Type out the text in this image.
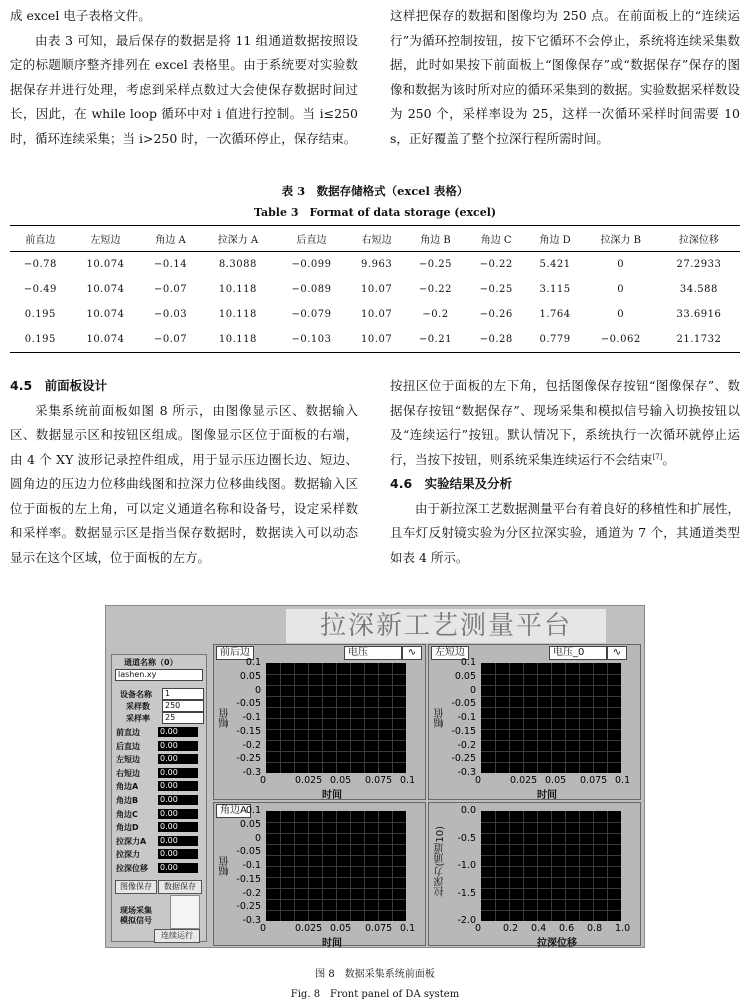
成 excel 电子表格文件。

由表 3 可知，最后保存的数据是将 11 组通道数据按照设定的标题顺序整齐排列在 excel 表格里。由于系统要对实验数据保存并进行处理，考虑到采样点数过大会使保存数据时间过长，因此，在 while loop 循环中对 i 值进行控制。当 i≤250 时，循环连续采集；当 i>250 时，一次循环停止，保存结束。

这样把保存的数据和图像均为 250 点。在前面板上的“连续运行”为循环控制按钮，按下它循环不会停止，系统将连续采集数据，此时如果按下前面板上“图像保存”或“数据保存”保存的图像和数据为该时所对应的循环采集到的数据。实验数据采样数设为 250 个，采样率设为 25，这样一次循环采样时间需要 10 s，正好覆盖了整个拉深行程所需时间。

表 3　数据存储格式（excel 表格）
Table 3　Format of data storage (excel)
前直边	左短边	角边 A	拉深力 A	后直边	右短边	角边 B	角边 C	角边 D	拉深力 B	拉深位移
−0.78	10.074	−0.14	8.3088	−0.099	9.963	−0.25	−0.22	5.421	0	27.2933
−0.49	10.074	−0.07	10.118	−0.089	10.07	−0.22	−0.25	3.115	0	34.588
0.195	10.074	−0.03	10.118	−0.079	10.07	−0.2	−0.26	1.764	0	33.6916
0.195	10.074	−0.07	10.118	−0.103	10.07	−0.21	−0.28	0.779	−0.062	21.1732

4.5　前面板设计

采集系统前面板如图 8 所示，由图像显示区、数据输入区、数据显示区和按钮区组成。图像显示区位于面板的右端，由 4 个 XY 波形记录控件组成，用于显示压边圈长边、短边、圆角边的压边力位移曲线图和拉深力位移曲线图。数据输入区位于面板的左上角，可以定义通道名称和设备号，设定采样数和采样率。数据显示区是指当保存数据时，数据读入可以动态显示在这个区域，位于面板的左方。

按扭区位于面板的左下角，包括图像保存按钮“图像保存”、数据保存按钮“数据保存”、现场采集和模拟信号输入切换按钮以及“连续运行”按钮。默认情况下，系统执行一次循环就停止运行，当按下按钮，则系统采集连续运行不会结束[7]。

4.6　实验结果及分析

由于新拉深工艺数据测量平台有着良好的移植性和扩展性，且车灯反射镜实验为分区拉深实验，通道为 7 个，其通道类型如表 4 所示。

拉深新工艺测量平台
通道名称（0）
lashen.xy
设备名称	1
采样数	250
采样率	25
前直边	0.00
后直边	0.00
左短边	0.00
右短边	0.00
角边A	0.00
角边B	0.00
角边C	0.00
角边D	0.00
拉深力A 0.00
拉深力	0.00
拉深位移 0.00
图像保存	数据保存
现场采集
模拟信号
连续运行
前后边	电压	∿
0.1
0.05
0
-0.05
-0.1
-0.15
-0.2
-0.25
-0.3
0	0.025 0.05 0.075 0.1
幅值
时间
左短边	电压_0	∿
0.1
0.05
0
-0.05
-0.1
-0.15
-0.2
-0.25
-0.3
0	0.025 0.05 0.075 0.1
幅值
时间
角边A 0.1
0.05
0
-0.05
-0.1
-0.15
-0.2
-0.25
-0.3
0	0.025 0.05 0.075 0.1
幅值
时间
0.0
-0.5
-1.0
-1.5
-2.0
0 0.2 0.4 0.6 0.8 1.0
拉深力(通道10)
拉深位移
图 8　数据采集系统前面板
Fig. 8　Front panel of DA system
